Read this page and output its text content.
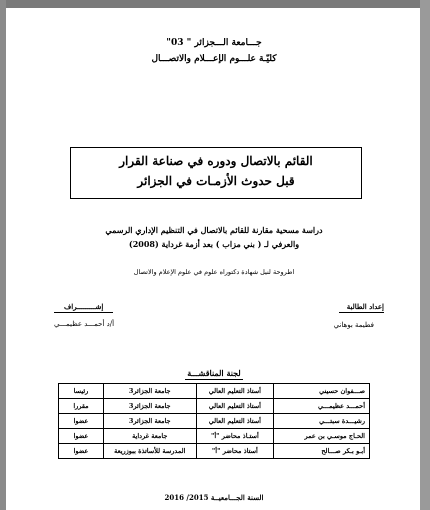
جـــامعة الـــجزائر " 03"
كليّـة علـــوم الإعـــلام والاتصـــال
القائم بالاتصال ودوره في صناعة القرار
قبل حدوث الأزمـات في الجزائر
دراسة مسحية مقارنة للقائم بالاتصال في التنظيم الإداري الرسمي
والعرفي لـ ( بني مزاب ) بعد أزمة غرداية (2008)
اطروحة لنيل شهادة دكتوراه علوم في علوم الإعلام والاتصال
إعداد الطالبة
فطيمة بوهاني
إشـــــــــراف
أ/د أحمـــد عظيمـــي
لجنة المناقشـــة
صـــفوان حسيني	أستاذ التعليم العالي	جامعة الجزائر3	رئيسا
أحمـــد عظيمـــي	أستاذ التعليم العالي	جامعة الجزائر3	مقررا
رشيـــدة سبتـــي	أستاذ التعليم العالي	جامعة الجزائر3	عضوا
الحـاج موسـي بن عمر	أستـاذ محاضر "أ"	جامعة غرداية	عضوا
أبـو بـكر صـــالح	أستاذ محاضر "أ"	المدرسة للأساتذة ببوزريعة	عضوا
السنة الجـــامعيــة 2015/ 2016
